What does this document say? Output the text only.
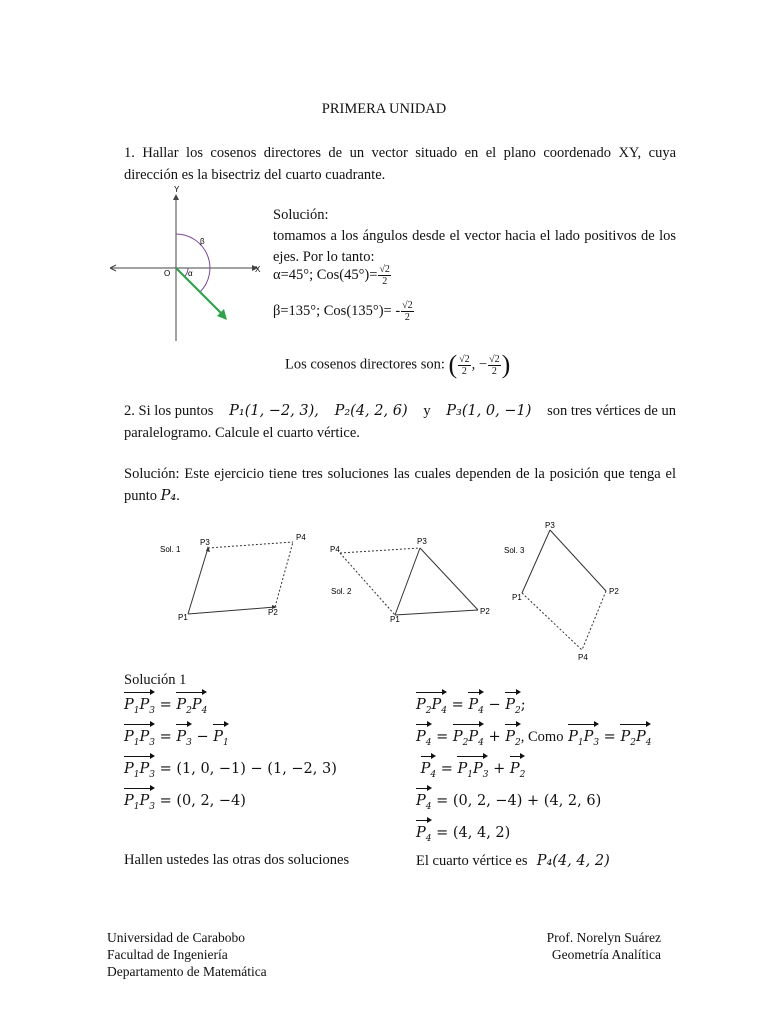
PRIMERA UNIDAD
1. Hallar los cosenos directores de un vector situado en el plano coordenado XY, cuya dirección es la bisectriz del cuarto cuadrante.
X
Y
O
β
α
Solución:
tomamos a los ángulos desde el vector hacia el lado positivos de los ejes. Por lo tanto:
α=45°; $Cos(45^\circ)= \frac{√2}{2}$
β=135°; $Cos(135^\circ)= - \frac{√2}{2}$
Los cosenos directores son: ( $\frac{√2}{2}$ , − $\frac{√2}{2}$ )
2. Si los puntos P₁(1, −2, 3), P₂(4, 2, 6) y P₃(1, 0, −1) son tres vértices de un
paralelogramo. Calcule el cuarto vértice.
Solución: Este ejercicio tiene tres soluciones las cuales dependen de la posición que tenga el punto P₄.
Sol. 1
P1
P2
P3
P4
Sol. 2
P4
P3
P1
P2
Sol. 3
P3
P1
P2
P4
Solución 1
$P_1P_3 = P_2P_4$
$P_1P_3 = P_3 - P_1$
$P_1P_3 = (1$, 0, −1) − (1, −2, 3)
$P_1P_3 = (0$, 2, −4)
$P_2P_4 = P_4 - P_2$;
$P_4 = P_2P_4 + P_2$, Como $P_1P_3 = P_2P_4$
$P_4 = P_1P_3 + P_2$
$P_4 = (0$, 2, −4) + (4, 2, 6)
$P_4 = (4$, 4, 2)
El cuarto vértice es P₄(4, 4, 2)
Hallen ustedes las otras dos soluciones
Universidad de Carabobo
Facultad de Ingeniería
Departamento de Matemática
Prof. Norelyn Suárez
Geometría Analítica
